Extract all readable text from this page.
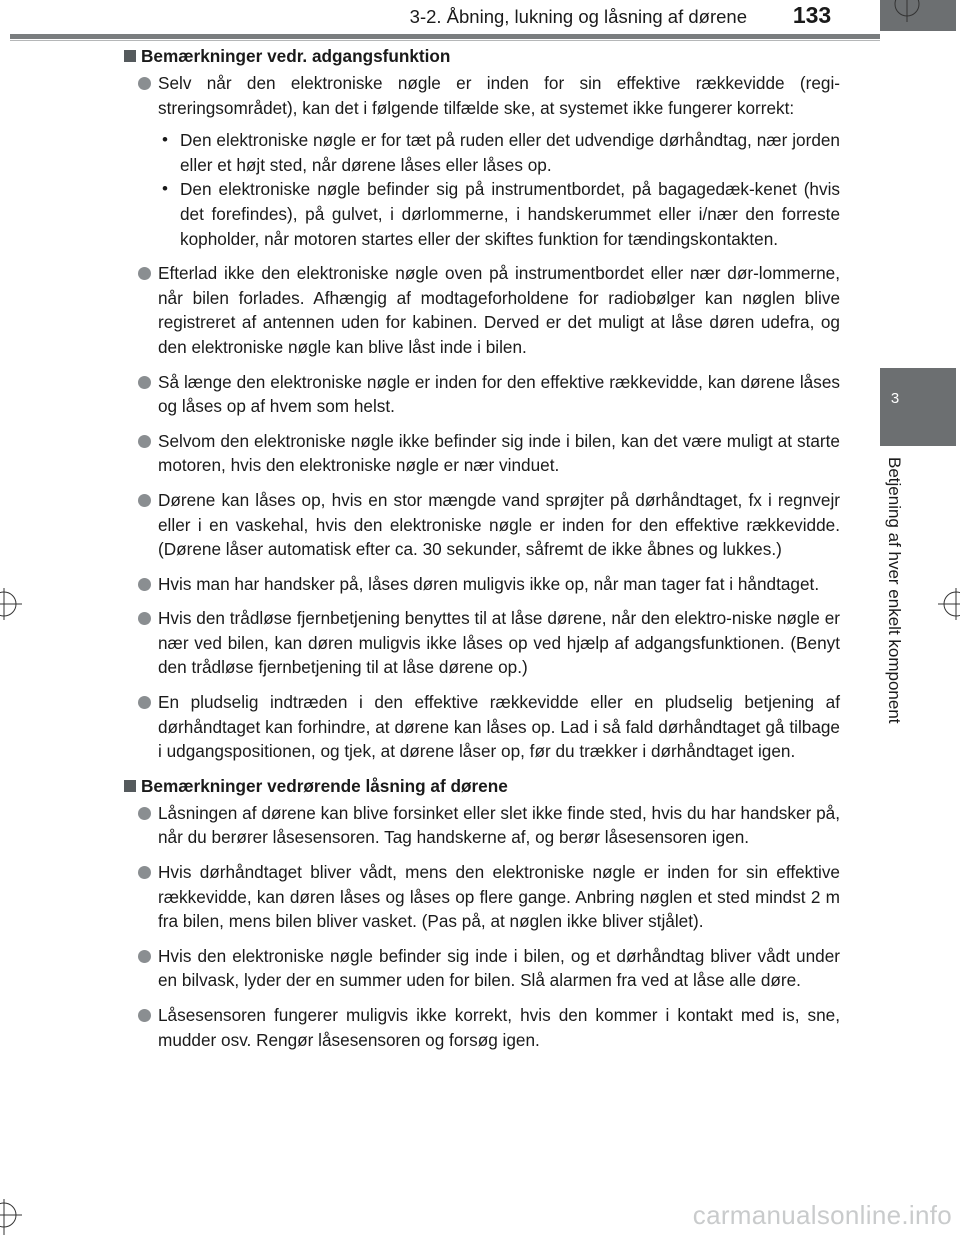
3
Betjening af hver enkelt komponent
3-2. Åbning, lukning og låsning af dørene	133
Bemærkninger vedr. adgangsfunktion
Selv når den elektroniske nøgle er inden for sin effektive rækkevidde (regi-streringsområdet), kan det i følgende tilfælde ske, at systemet ikke fungerer korrekt:
• Den elektroniske nøgle er for tæt på ruden eller det udvendige dørhåndtag, nær jorden eller et højt sted, når dørene låses eller låses op.
• Den elektroniske nøgle befinder sig på instrumentbordet, på bagagedæk-kenet (hvis det forefindes), på gulvet, i dørlommerne, i handskerummet eller i/nær den forreste kopholder, når motoren startes eller der skiftes funktion for tændingskontakten.
Efterlad ikke den elektroniske nøgle oven på instrumentbordet eller nær dør-lommerne, når bilen forlades. Afhængig af modtageforholdene for radiobølger kan nøglen blive registreret af antennen uden for kabinen. Derved er det muligt at låse døren udefra, og den elektroniske nøgle kan blive låst inde i bilen.
Så længe den elektroniske nøgle er inden for den effektive rækkevidde, kan dørene låses og låses op af hvem som helst.
Selvom den elektroniske nøgle ikke befinder sig inde i bilen, kan det være muligt at starte motoren, hvis den elektroniske nøgle er nær vinduet.
Dørene kan låses op, hvis en stor mængde vand sprøjter på dørhåndtaget, fx i regnvejr eller i en vaskehal, hvis den elektroniske nøgle er inden for den effektive rækkevidde. (Dørene låser automatisk efter ca. 30 sekunder, såfremt de ikke åbnes og lukkes.)
Hvis man har handsker på, låses døren muligvis ikke op, når man tager fat i håndtaget.
Hvis den trådløse fjernbetjening benyttes til at låse dørene, når den elektro-niske nøgle er nær ved bilen, kan døren muligvis ikke låses op ved hjælp af adgangsfunktionen. (Benyt den trådløse fjernbetjening til at låse dørene op.)
En pludselig indtræden i den effektive rækkevidde eller en pludselig betjening af dørhåndtaget kan forhindre, at dørene kan låses op. Lad i så fald dørhåndtaget gå tilbage i udgangspositionen, og tjek, at dørene låser op, før du trækker i dørhåndtaget igen.
Bemærkninger vedrørende låsning af dørene
Låsningen af dørene kan blive forsinket eller slet ikke finde sted, hvis du har handsker på, når du berører låsesensoren. Tag handskerne af, og berør låsesensoren igen.
Hvis dørhåndtaget bliver vådt, mens den elektroniske nøgle er inden for sin effektive rækkevidde, kan døren låses og låses op flere gange. Anbring nøglen et sted mindst 2 m fra bilen, mens bilen bliver vasket. (Pas på, at nøglen ikke bliver stjålet).
Hvis den elektroniske nøgle befinder sig inde i bilen, og et dørhåndtag bliver vådt under en bilvask, lyder der en summer uden for bilen. Slå alarmen fra ved at låse alle døre.
Låsesensoren fungerer muligvis ikke korrekt, hvis den kommer i kontakt med is, sne, mudder osv. Rengør låsesensoren og forsøg igen.
carmanualsonline.info
